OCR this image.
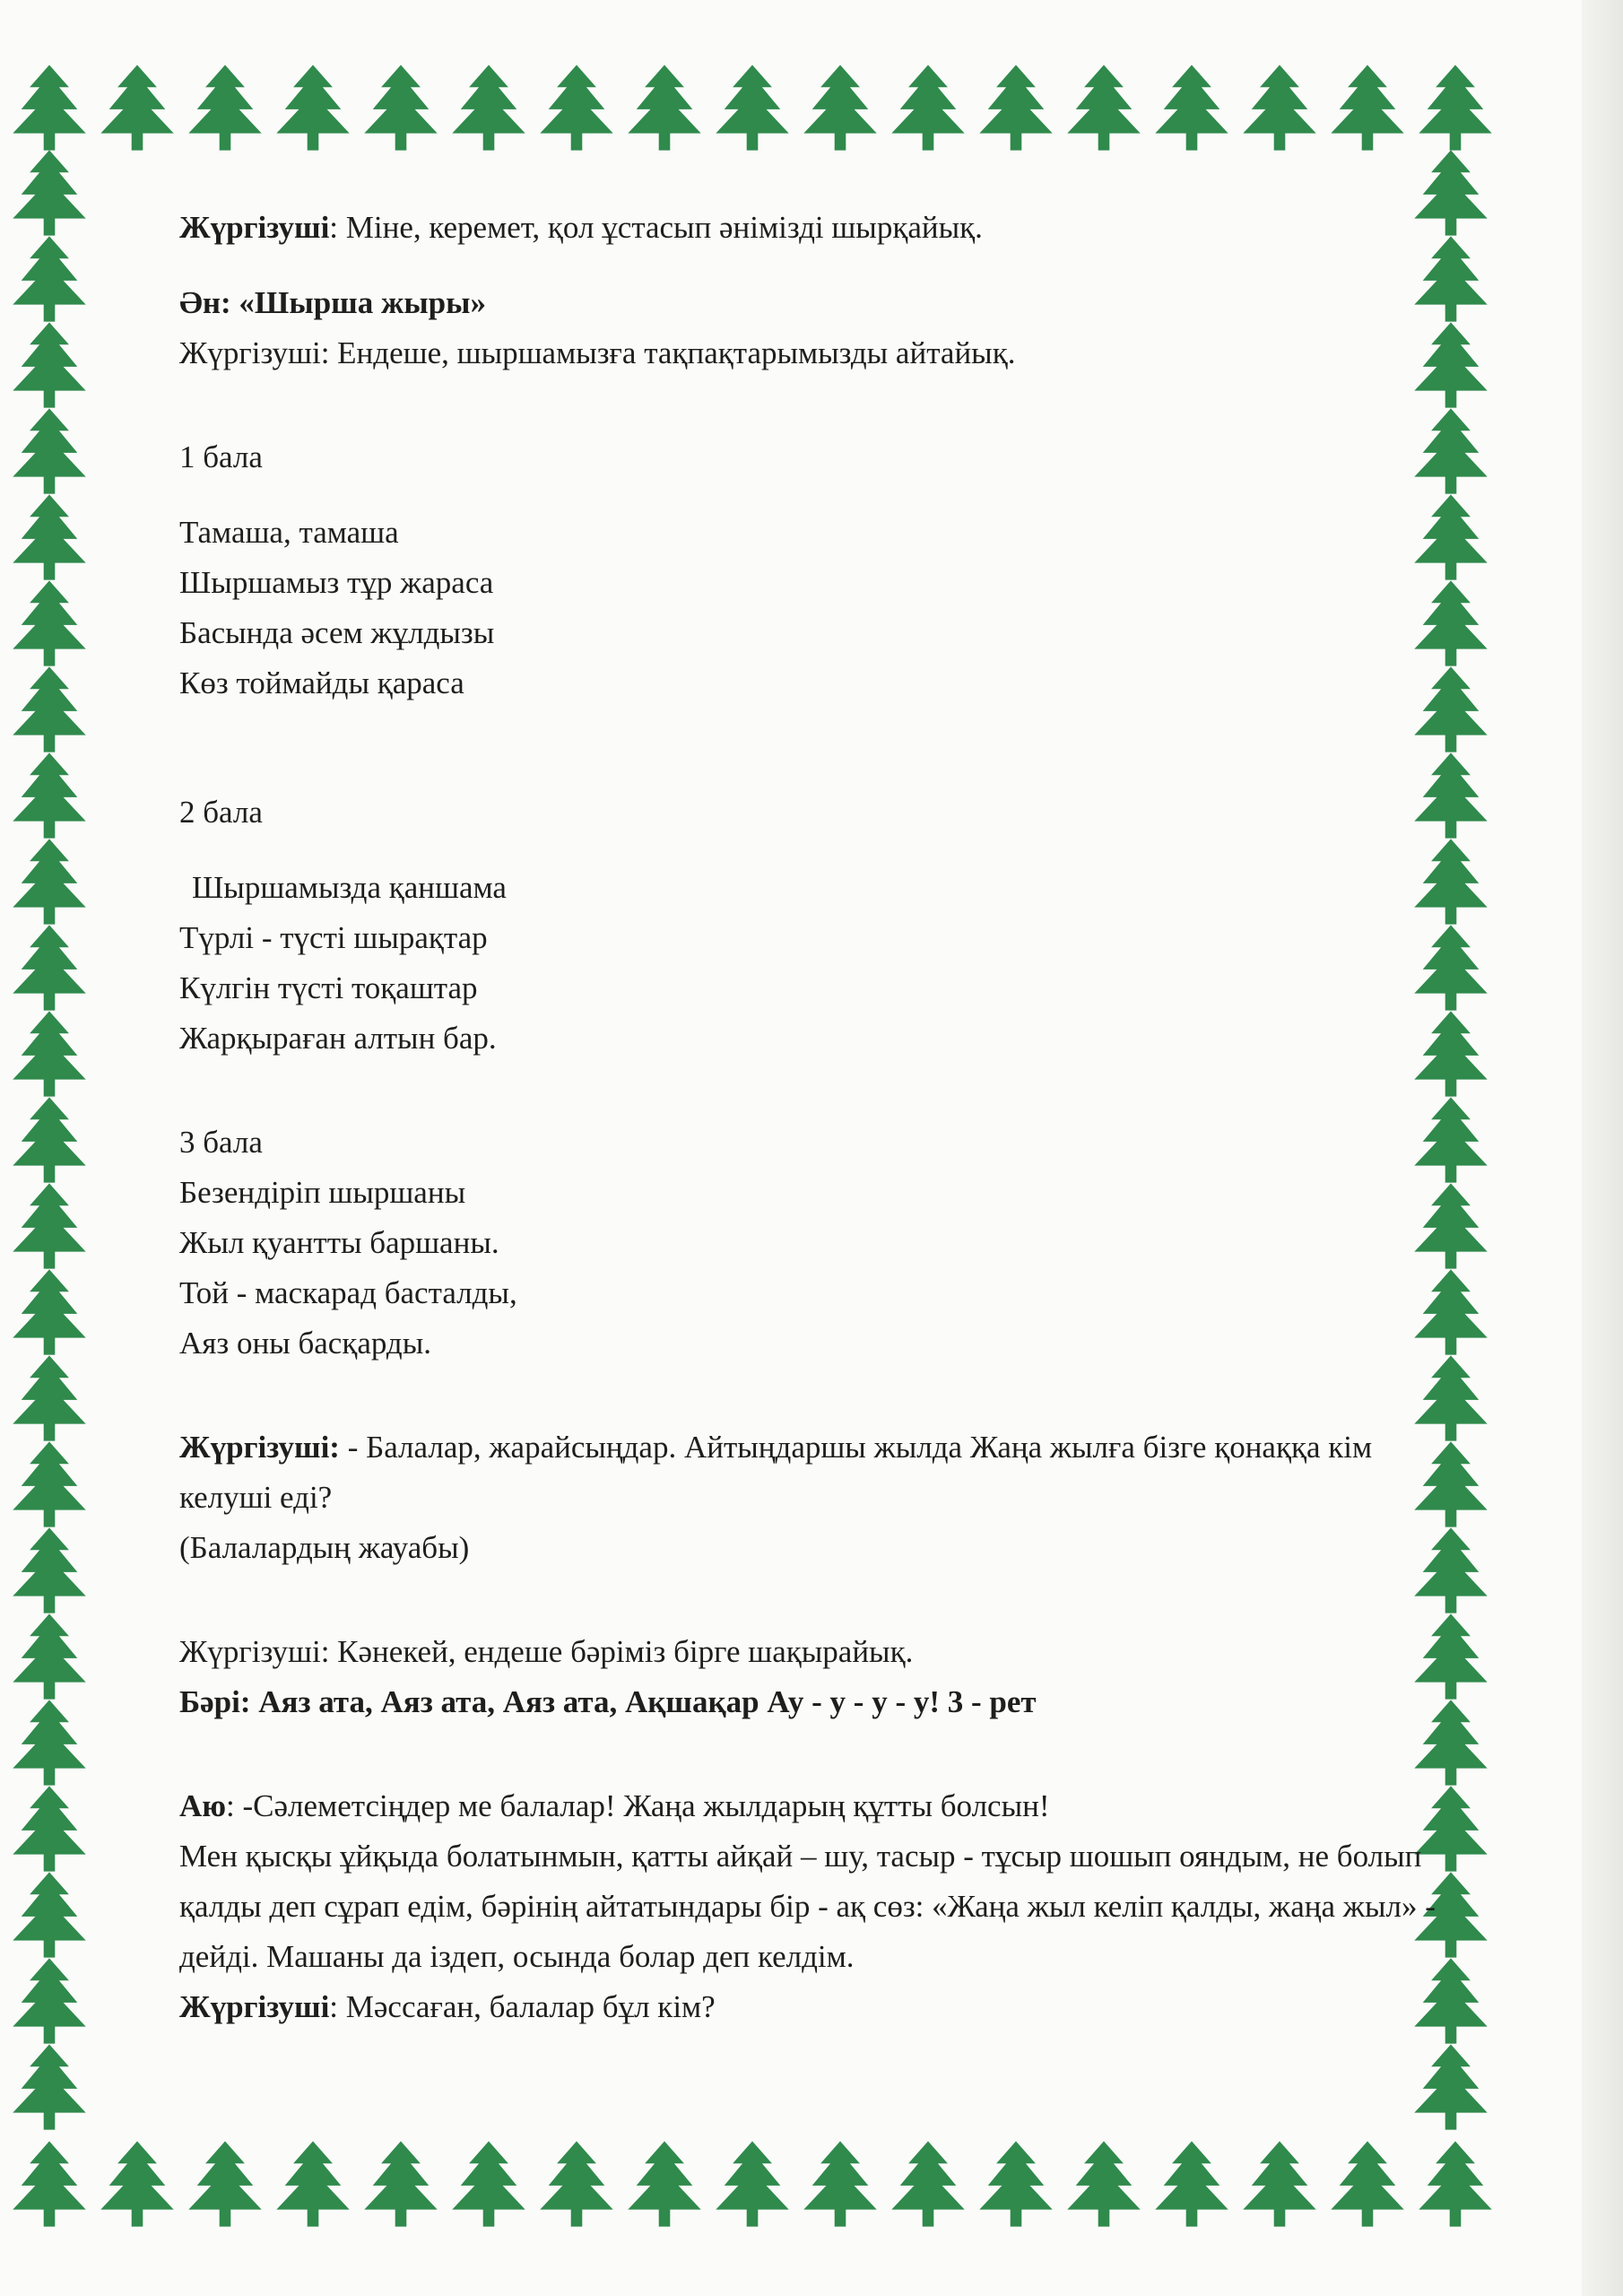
Жүргізуші: Міне, керемет, қол ұстасып әнімізді шырқайық.

Ән: «Шырша жыры»

Жүргізуші: Ендеше, шыршамызға тақпақтарымызды айтайық.

1 бала

Тамаша, тамаша

Шыршамыз тұр жараса

Басында әсем жұлдызы

Көз тоймайды қараса

2 бала

Шыршамызда қаншама

Түрлі - түсті шырақтар

Күлгін түсті тоқаштар

Жарқыраған алтын бар.

3 бала

Безендіріп шыршаны

Жыл қуантты баршаны.

Той - маскарад басталды,

Аяз оны басқарды.

Жүргізуші: - Балалар, жарайсыңдар. Айтыңдаршы жылда Жаңа жылға бізге қонаққа кім келуші еді?

(Балалардың жауабы)

Жүргізуші: Кәнекей, ендеше бәріміз бірге шақырайық.

Бәрі: Аяз ата, Аяз ата, Аяз ата, Ақшақар Ау - у - у - у! 3 - рет

Аю: -Сәлеметсіңдер ме балалар! Жаңа жылдарың құтты болсын!

Мен қысқы ұйқыда болатынмын, қатты айқай – шу, тасыр - тұсыр шошып ояндым, не болып қалды деп сұрап едім, бәрінің айтатындары бір - ақ сөз: «Жаңа жыл келіп қалды, жаңа жыл» - дейді. Машаны да іздеп, осында болар деп келдім.

Жүргізуші: Мәссаған, балалар бұл кім?
